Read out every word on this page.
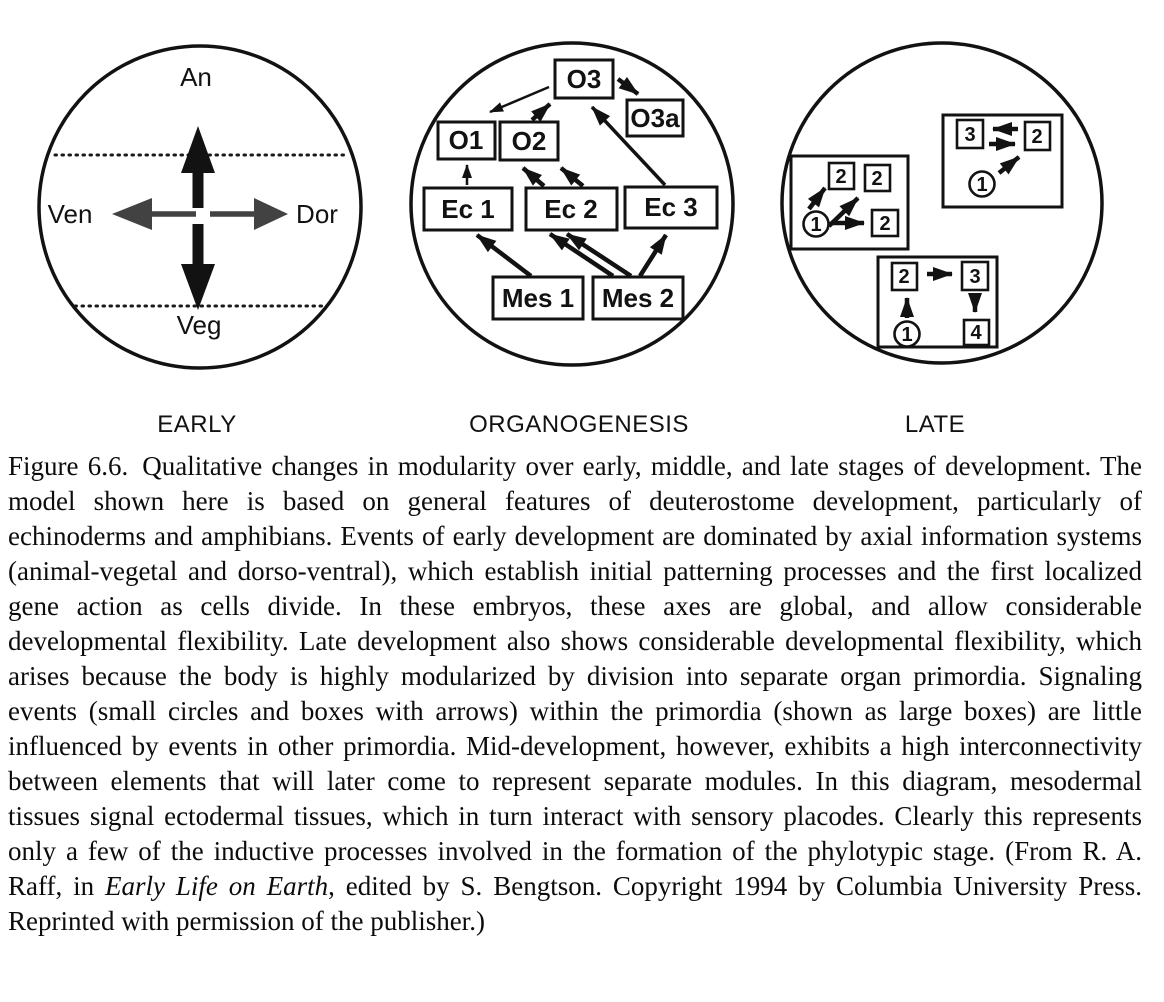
An
Ven	Dor
Veg
O3
O3a
O1 O2
Ec 1 Ec 2 Ec 3
Mes 1 Mes 2
2 2
2
1
3	2
1
2	3
4
1
EARLY	ORGANOGENESIS	LATE

Figure 6.6. Qualitative changes in modularity over early, middle, and late stages of development. The model shown here is based on general features of deuterostome development, particularly of echinoderms and amphibians. Events of early development are dominated by axial information systems (animal-vegetal and dorso-ventral), which establish initial patterning processes and the first localized gene action as cells divide. In these embryos, these axes are global, and allow considerable developmental flexibility. Late development also shows considerable developmental flexibility, which arises because the body is highly modularized by division into separate organ primordia. Signaling events (small circles and boxes with arrows) within the primordia (shown as large boxes) are little influenced by events in other primordia. Mid-development, however, exhibits a high interconnectivity between elements that will later come to represent separate modules. In this diagram, mesodermal tissues signal ectodermal tissues, which in turn interact with sensory placodes. Clearly this represents only a few of the inductive processes involved in the formation of the phylotypic stage. (From R. A. Raff, in Early Life on Earth, edited by S. Bengtson. Copyright 1994 by Columbia University Press. Reprinted with permission of the publisher.)
